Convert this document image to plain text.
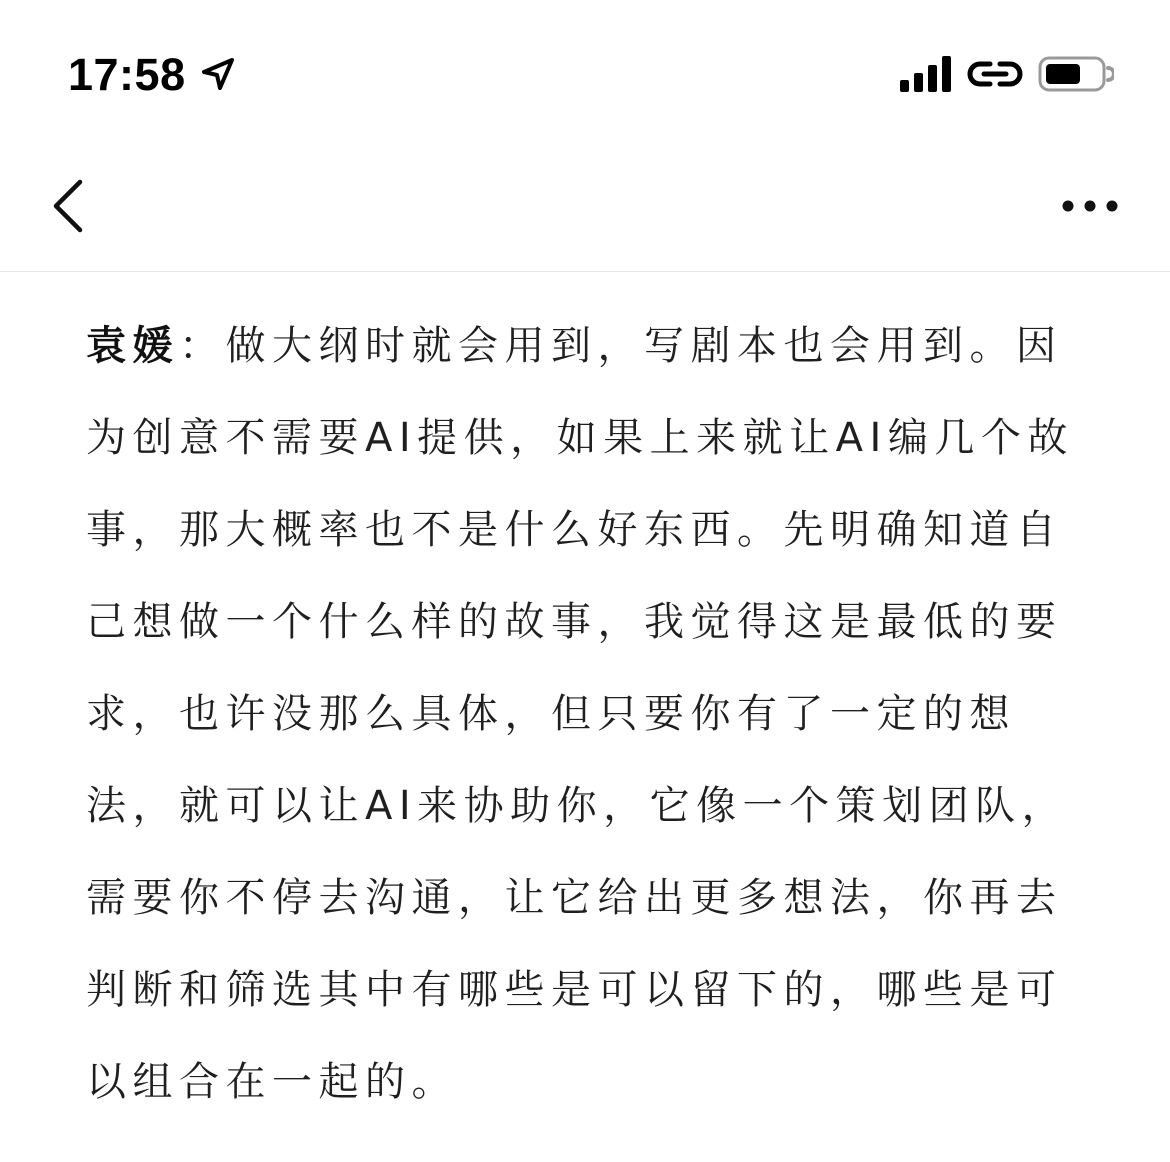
17:58

袁媛：做大纲时就会用到，写剧本也会用到。因为创意不需要AI提供，如果上来就让AI编几个故事，那大概率也不是什么好东西。先明确知道自己想做一个什么样的故事，我觉得这是最低的要求，也许没那么具体，但只要你有了一定的想法，就可以让AI来协助你，它像一个策划团队，需要你不停去沟通，让它给出更多想法，你再去判断和筛选其中有哪些是可以留下的，哪些是可以组合在一起的。
